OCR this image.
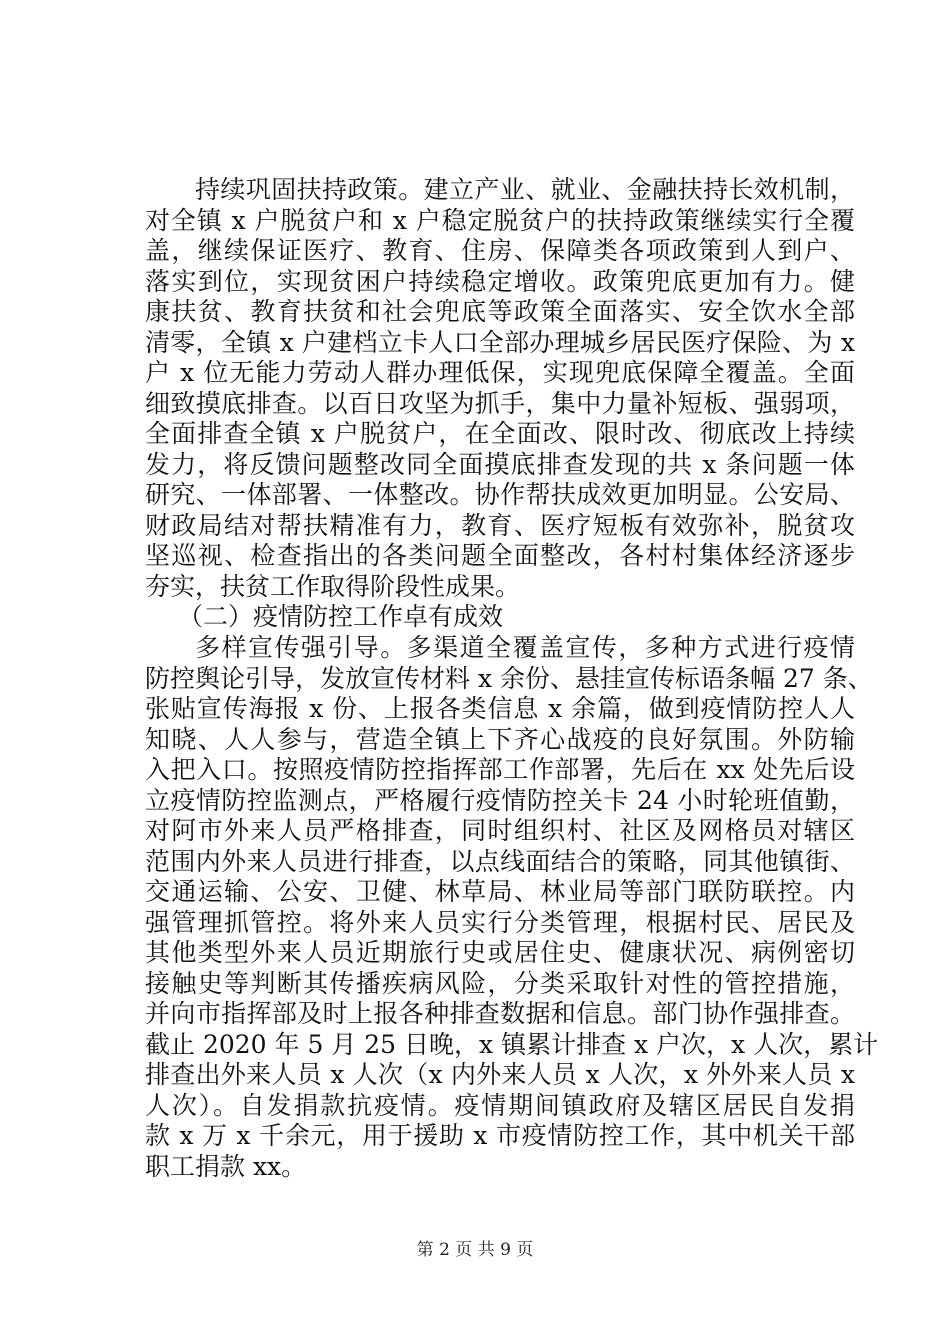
持续巩固扶持政策。建立产业、就业、金融扶持长效机制，
对全镇 x 户脱贫户和 x 户稳定脱贫户的扶持政策继续实行全覆
盖，继续保证医疗、教育、住房、保障类各项政策到人到户、
落实到位，实现贫困户持续稳定增收。政策兜底更加有力。健
康扶贫、教育扶贫和社会兜底等政策全面落实、安全饮水全部
清零，全镇 x 户建档立卡人口全部办理城乡居民医疗保险、为 x
户 x 位无能力劳动人群办理低保，实现兜底保障全覆盖。全面
细致摸底排查。以百日攻坚为抓手，集中力量补短板、强弱项，
全面排查全镇 x 户脱贫户，在全面改、限时改、彻底改上持续
发力，将反馈问题整改同全面摸底排查发现的共 x 条问题一体
研究、一体部署、一体整改。协作帮扶成效更加明显。公安局、
财政局结对帮扶精准有力，教育、医疗短板有效弥补，脱贫攻
坚巡视、检查指出的各类问题全面整改，各村村集体经济逐步
夯实，扶贫工作取得阶段性成果。
（二）疫情防控工作卓有成效
多样宣传强引导。多渠道全覆盖宣传，多种方式进行疫情
防控舆论引导，发放宣传材料 x 余份、悬挂宣传标语条幅 27 条、
张贴宣传海报 x 份、上报各类信息 x 余篇，做到疫情防控人人
知晓、人人参与，营造全镇上下齐心战疫的良好氛围。外防输
入把入口。按照疫情防控指挥部工作部署，先后在 xx 处先后设
立疫情防控监测点，严格履行疫情防控关卡 24 小时轮班值勤，
对阿市外来人员严格排查，同时组织村、社区及网格员对辖区
范围内外来人员进行排查，以点线面结合的策略，同其他镇街、
交通运输、公安、卫健、林草局、林业局等部门联防联控。内
强管理抓管控。将外来人员实行分类管理，根据村民、居民及
其他类型外来人员近期旅行史或居住史、健康状况、病例密切
接触史等判断其传播疾病风险，分类采取针对性的管控措施，
并向市指挥部及时上报各种排查数据和信息。部门协作强排查。
截止 2020 年 5 月 25 日晚，x 镇累计排查 x 户次，x 人次，累计
排查出外来人员 x 人次（x 内外来人员 x 人次，x 外外来人员 x
人次）。自发捐款抗疫情。疫情期间镇政府及辖区居民自发捐
款 x 万 x 千余元，用于援助 x 市疫情防控工作，其中机关干部
职工捐款 xx。
第 2 页 共 9 页
